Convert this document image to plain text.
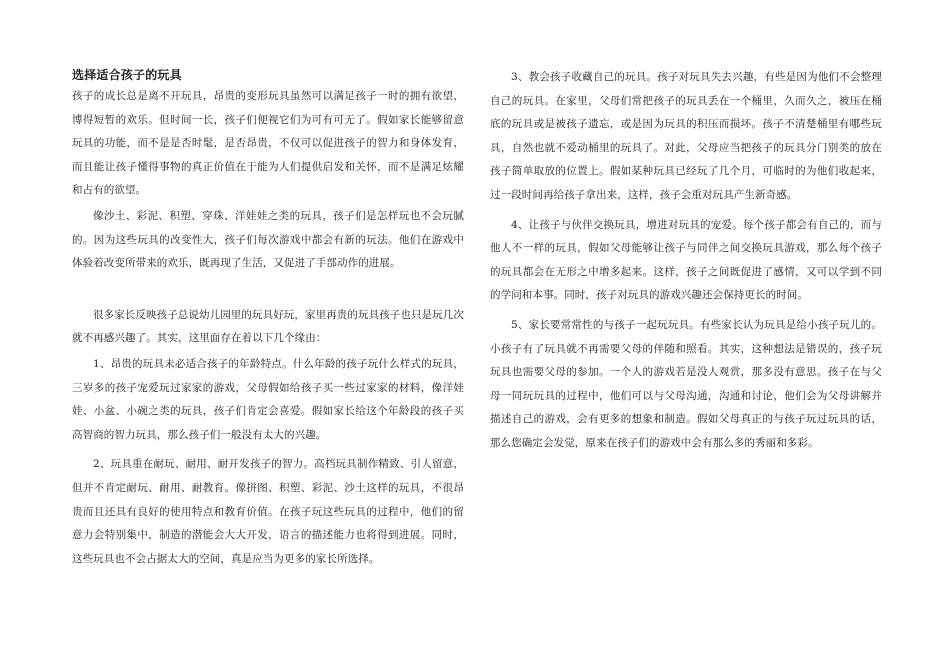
选择适合孩子的玩具

孩子的成长总是离不开玩具，昂贵的变形玩具虽然可以满足孩子一时的拥有欲望，博得短暂的欢乐。但时间一长，孩子们便视它们为可有可无了。假如家长能够留意玩具的功能，而不是是否时髦，是否昂贵，不仅可以促进孩子的智力和身体发育，而且能让孩子懂得事物的真正价值在于能为人们提供启发和关怀，而不是满足炫耀和占有的欲望。

像沙土、彩泥、积塑、穿珠、洋娃娃之类的玩具，孩子们是怎样玩也不会玩腻的。因为这些玩具的改变性大，孩子们每次游戏中都会有新的玩法。他们在游戏中体验着改变所带来的欢乐，既再现了生活，又促进了手部动作的进展。

很多家长反映孩子总说幼儿园里的玩具好玩，家里再贵的玩具孩子也只是玩几次就不再感兴趣了。其实，这里面存在着以下几个缘由：

1、昂贵的玩具未必适合孩子的年龄特点。什么年龄的孩子玩什么样式的玩具，三岁多的孩子宠爱玩过家家的游戏，父母假如给孩子买一些过家家的材料，像洋娃娃、小盆、小碗之类的玩具，孩子们肯定会喜爱。假如家长给这个年龄段的孩子买高智商的智力玩具，那么孩子们一般没有太大的兴趣。

2、玩具重在耐玩、耐用、耐开发孩子的智力。高档玩具制作精致、引人留意，但并不肯定耐玩、耐用、耐教育。像拼图、积塑、彩泥、沙土这样的玩具，不很昂贵而且还具有良好的使用特点和教育价值。在孩子玩这些玩具的过程中，他们的留意力会特别集中，制造的潜能会大大开发，语言的描述能力也将得到进展。同时，这些玩具也不会占据太大的空间，真是应当为更多的家长所选择。

3、教会孩子收藏自己的玩具。孩子对玩具失去兴趣，有些是因为他们不会整理自己的玩具。在家里，父母们常把孩子的玩具丢在一个桶里，久而久之，被压在桶底的玩具或是被孩子遗忘，或是因为玩具的积压而损坏。孩子不清楚桶里有哪些玩具，自然也就不爱动桶里的玩具了。对此，父母应当把孩子的玩具分门别类的放在孩子简单取放的位置上。假如某种玩具已经玩了几个月，可临时的为他们收起来，过一段时间再给孩子拿出来，这样，孩子会重对玩具产生新奇感。

4、让孩子与伙伴交换玩具，增进对玩具的宠爱。每个孩子都会有自己的，而与他人不一样的玩具，假如父母能够让孩子与同伴之间交换玩具游戏，那么每个孩子的玩具都会在无形之中增多起来。这样，孩子之间既促进了感情，又可以学到不同的学问和本事。同时，孩子对玩具的游戏兴趣还会保持更长的时间。

5、家长要常常性的与孩子一起玩玩具。有些家长认为玩具是给小孩子玩儿的。小孩子有了玩具就不再需要父母的伴随和照看。其实，这种想法是错误的，孩子玩玩具也需要父母的参加。一个人的游戏若是没人观赏，那多没有意思。孩子在与父母一同玩玩具的过程中，他们可以与父母沟通，沟通和讨论，他们会为父母讲解并描述自己的游戏，会有更多的想象和制造。假如父母真正的与孩子玩过玩具的话，那么您确定会发觉，原来在孩子们的游戏中会有那么多的秀丽和多彩。
